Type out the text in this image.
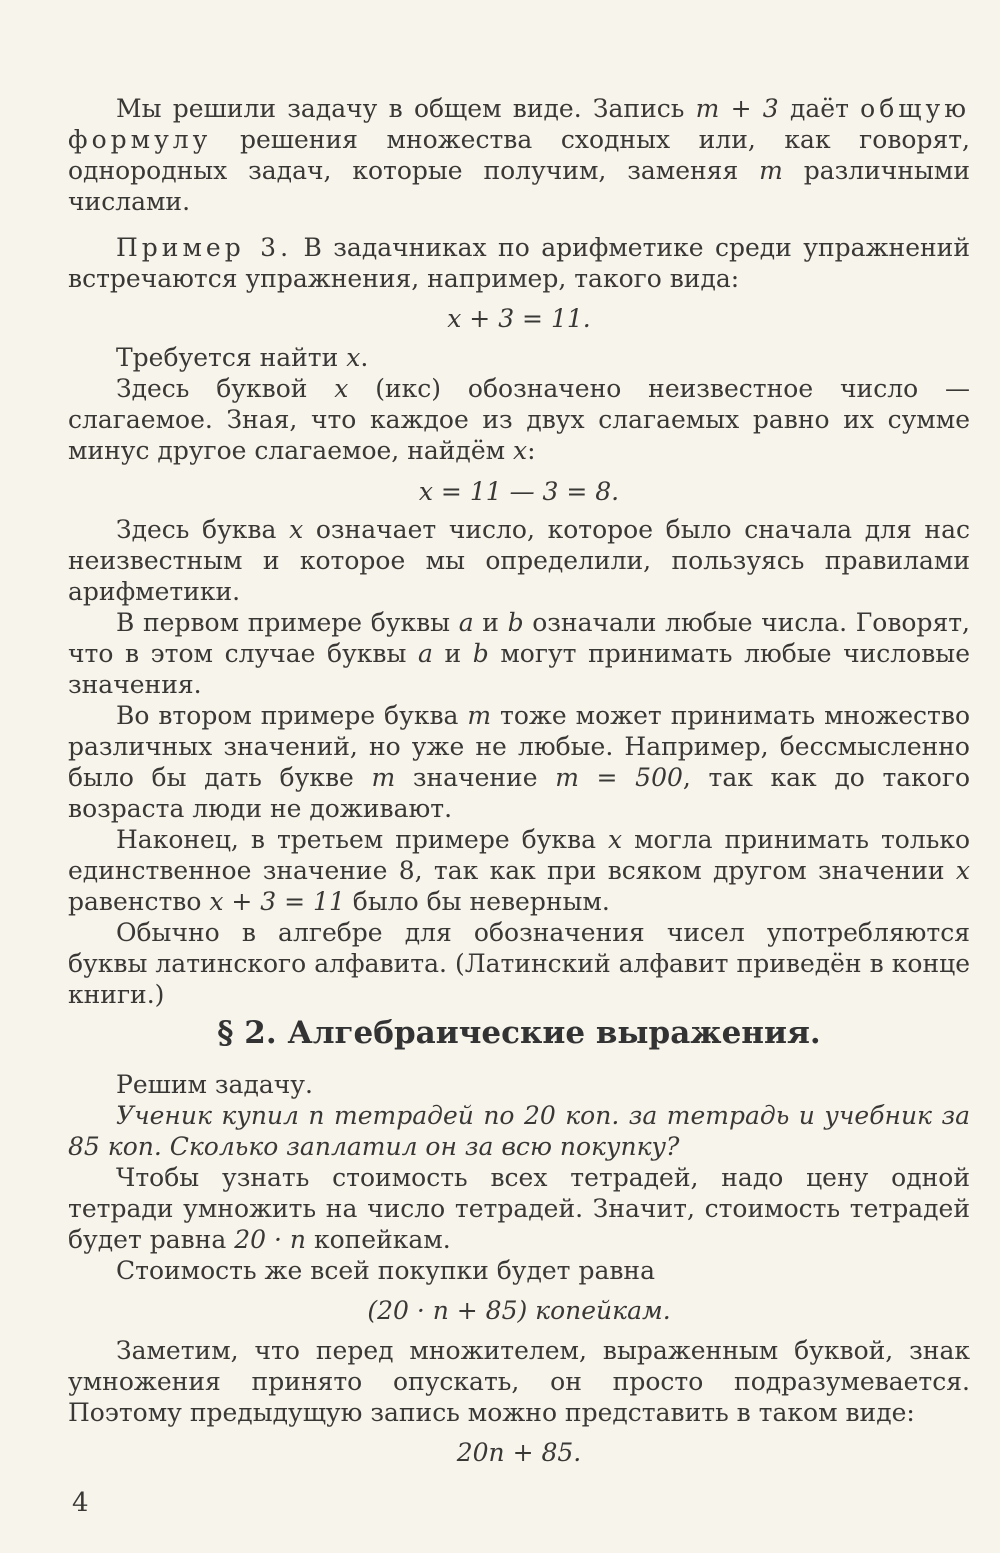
Мы решили задачу в общем виде. Запись m + 3 даёт общую формулу решения множества сходных или, как говорят, однородных задач, которые получим, заменяя m различными числами.

Пример 3. В задачниках по арифметике среди упражнений встречаются упражнения, например, такого вида:

x + 3 = 11.

Требуется найти x.

Здесь буквой x (икс) обозначено неизвестное число — слагаемое. Зная, что каждое из двух слагаемых равно их сумме минус другое слагаемое, найдём x:

x = 11 — 3 = 8.

Здесь буква x означает число, которое было сначала для нас неизвестным и которое мы определили, пользуясь правилами арифметики.

В первом примере буквы a и b означали любые числа. Говорят, что в этом случае буквы a и b могут принимать любые числовые значения.

Во втором примере буква m тоже может принимать множество различных значений, но уже не любые. Например, бессмысленно было бы дать букве m значение m = 500, так как до такого возраста люди не доживают.

Наконец, в третьем примере буква x могла принимать только единственное значение 8, так как при всяком другом значении x равенство x + 3 = 11 было бы неверным.

Обычно в алгебре для обозначения чисел употребляются буквы латинского алфавита. (Латинский алфавит приведён в конце книги.)

§ 2. Алгебраические выражения.

Решим задачу.

Ученик купил n тетрадей по 20 коп. за тетрадь и учебник за 85 коп. Сколько заплатил он за всю покупку?

Чтобы узнать стоимость всех тетрадей, надо цену одной тетради умножить на число тетрадей. Значит, стоимость тетрадей будет равна 20 · n копейкам.

Стоимость же всей покупки будет равна

(20 · n + 85) копейкам.

Заметим, что перед множителем, выраженным буквой, знак умножения принято опускать, он просто подразумевается. Поэтому предыдущую запись можно представить в таком виде:

20n + 85.

4
